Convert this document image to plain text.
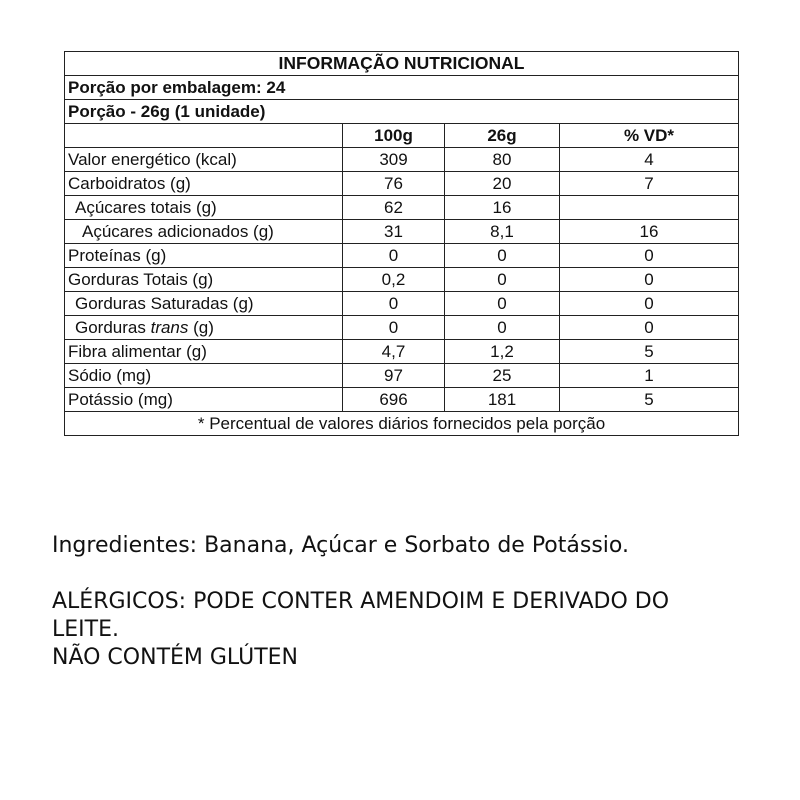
INFORMAÇÃO NUTRICIONAL			
Porção por embalagem: 24			
Porção - 26g (1 unidade)			
	100g	26g	% VD*
Valor energético (kcal)	309	80	4
Carboidratos (g)	76	20	7
Açúcares totais (g)	62	16	
Açúcares adicionados (g)	31	8,1	16
Proteínas (g)	0	0	0
Gorduras Totais (g)	0,2	0	0
Gorduras Saturadas (g)	0	0	0
Gorduras trans (g)	0	0	0
Fibra alimentar (g)	4,7	1,2	5
Sódio (mg)	97	25	1
Potássio (mg)	696	181	5
* Percentual de valores diários fornecidos pela porção			

Ingredientes: Banana, Açúcar e Sorbato de Potássio.

ALÉRGICOS: PODE CONTER AMENDOIM E DERIVADO DO

LEITE.

NÃO CONTÉM GLÚTEN
